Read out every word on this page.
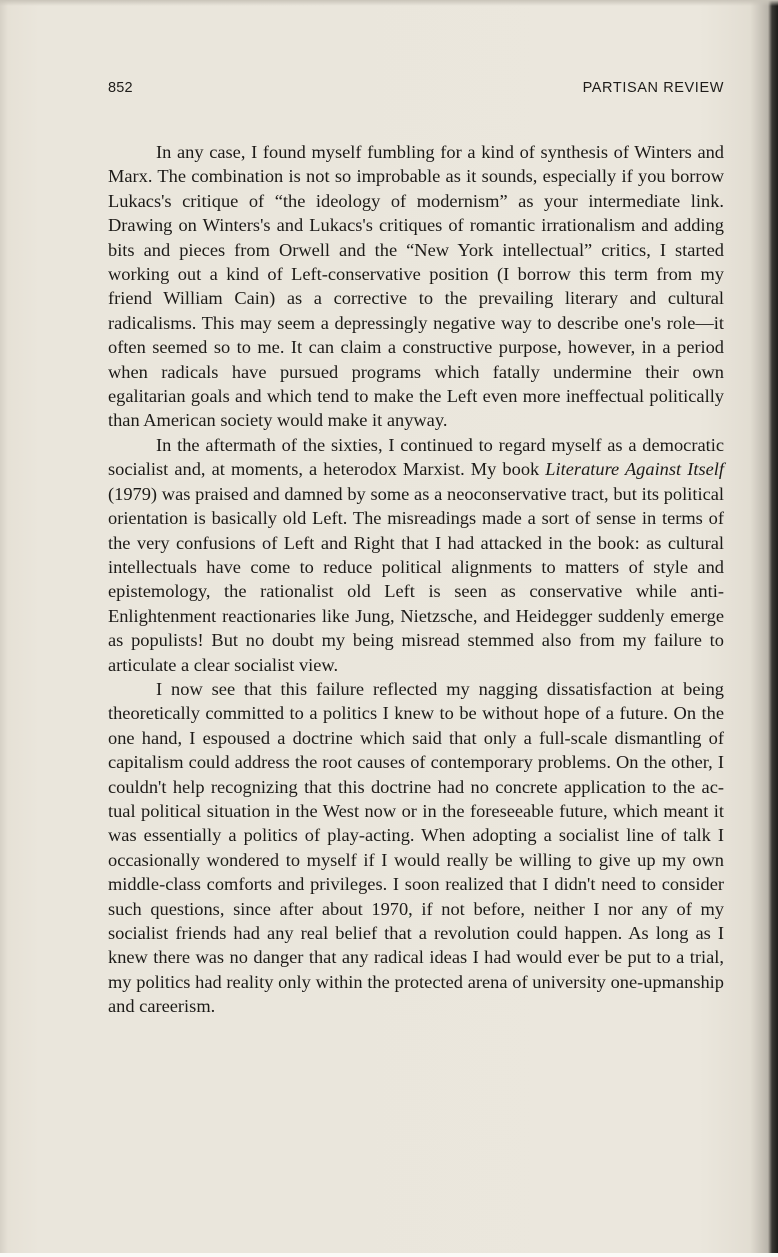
852	PARTISAN REVIEW

In any case, I found myself fumbling for a kind of synthesis of Winters and Marx. The combination is not so improbable as it sounds, especially if you borrow Lukacs's critique of “the ideology of modernism” as your intermediate link. Drawing on Winters's and Lukacs's critiques of romantic irrationalism and adding bits and pieces from Orwell and the “New York intellectual” critics, I started working out a kind of Left-conservative position (I borrow this term from my friend William Cain) as a corrective to the prevailing literary and cultural radicalisms. This may seem a depressingly negative way to describe one's role—it often seemed so to me. It can claim a constructive purpose, however, in a period when radicals have pursued programs which fatally undermine their own egalitarian goals and which tend to make the Left even more ineffectual politically than American society would make it anyway.

In the aftermath of the sixties, I continued to regard myself as a democratic socialist and, at moments, a heterodox Marxist. My book Literature Against Itself (1979) was praised and damned by some as a neoconservative tract, but its political orientation is basically old Left. The misreadings made a sort of sense in terms of the very confusions of Left and Right that I had attacked in the book: as cultural intellectuals have come to reduce political alignments to matters of style and epistemology, the rationalist old Left is seen as conservative while anti-Enlightenment reactionaries like Jung, Nietzsche, and Heidegger suddenly emerge as populists! But no doubt my being misread stemmed also from my failure to articulate a clear socialist view.

I now see that this failure reflected my nagging dissatisfaction at being theoretically committed to a politics I knew to be without hope of a future. On the one hand, I espoused a doctrine which said that only a full-scale dismantling of capitalism could address the root causes of contemporary problems. On the other, I couldn't help recognizing that this doctrine had no concrete application to the actual political situation in the West now or in the foreseeable future, which meant it was essentially a politics of play-acting. When adopting a socialist line of talk I occasionally wondered to myself if I would really be willing to give up my own middle-class comforts and privileges. I soon realized that I didn't need to consider such questions, since after about 1970, if not before, neither I nor any of my socialist friends had any real belief that a revolution could happen. As long as I knew there was no danger that any radical ideas I had would ever be put to a trial, my politics had reality only within the protected arena of university one-upmanship and careerism.
